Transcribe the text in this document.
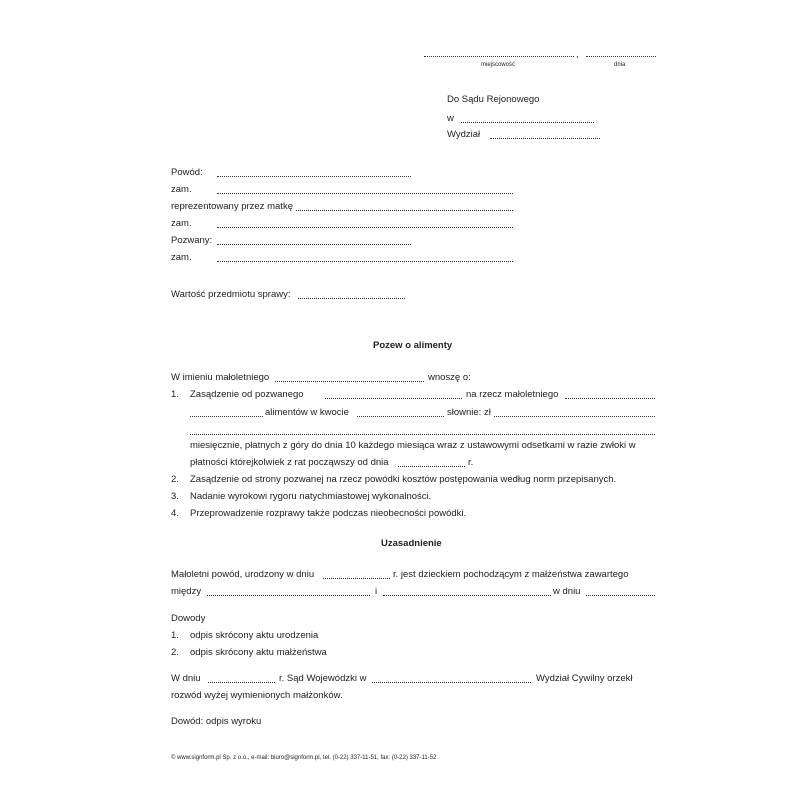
,
miejscowość	dnia
Do Sądu Rejonowego
w
Wydział
Powód:
zam.
reprezentowany przez matkę
zam.
Pozwany:
zam.
Wartość przedmiotu sprawy:
Pozew o alimenty
W imieniu małoletniego	wnoszę o:
1. Zasądzenie od pozwanego	na rzecz małoletniego
alimentów w kwocie	słownie: zł
miesięcznie, płatnych z góry do dnia 10 każdego miesiąca wraz z ustawowymi odsetkami w razie zwłoki w
płatności którejkolwiek z rat począwszy od dnia	r.
2. Zasądzenie od strony pozwanej na rzecz powódki kosztów postępowania według norm przepisanych.
3. Nadanie wyrokowi rygoru natychmiastowej wykonalności.
4. Przeprowadzenie rozprawy także podczas nieobecności powódki.
Uzasadnienie
Małoletni powód, urodzony w dniu	r. jest dzieckiem pochodzącym z małżeństwa zawartego
między	i	w dniu
Dowody
1. odpis skrócony aktu urodzenia
2. odpis skrócony aktu małżeństwa
W dniu	r. Sąd Wojewódzki w	Wydział Cywilny orzekł
rozwód wyżej wymienionych małżonków.
Dowód: odpis wyroku
© www.signform.pl Sp. z o.o., e-mail: biuro@signform.pl, tel. (0-22) 337-11-51, fax: (0-22) 337-11-52
